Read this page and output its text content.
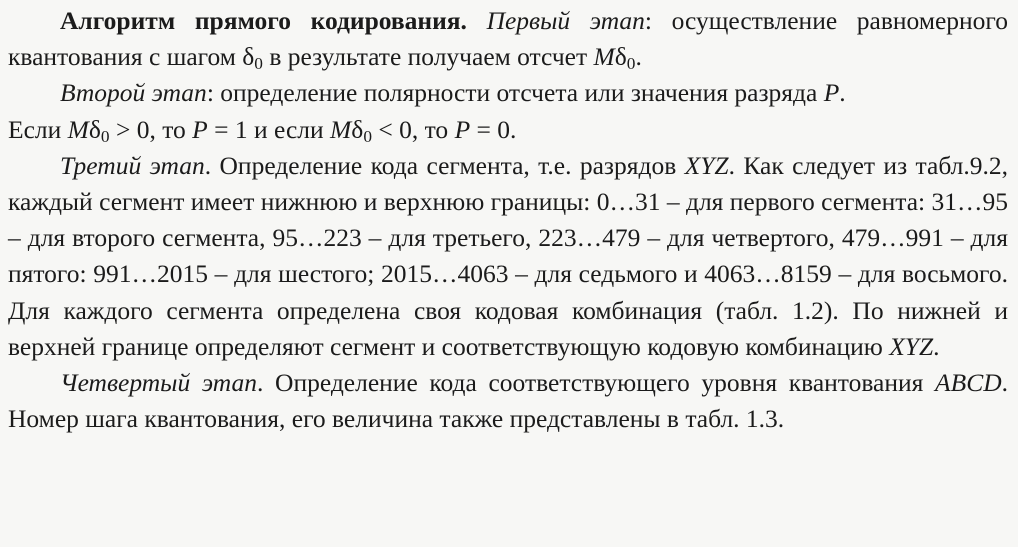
Алгоритм прямого кодирования. Первый этап: осуществление равномерного квантования с шагом $\delta_0$ в результате получаем отсчет $M\delta_0$.

Второй этап: определение полярности отсчета или значения разряда P.
Если $M\delta_0 > 0$, то P = 1 и если $M\delta_0 < 0$, то P = 0.

Третий этап. Определение кода сегмента, т.е. разрядов XYZ. Как следует из табл.9.2, каждый сегмент имеет нижнюю и верхнюю границы: 0…31 – для первого сегмента: 31…95 – для второго сегмента, 95…223 – для третьего, 223…479 – для четвертого, 479…991 – для пятого: 991…2015 – для шестого; 2015…4063 – для седьмого и 4063…8159 – для восьмого. Для каждого сегмента определена своя кодовая комбинация (табл. 1.2). По нижней и верхней границе определяют сегмент и соответствующую кодовую комбинацию XYZ.

Четвертый этап. Определение кода соответствующего уровня квантования ABCD. Номер шага квантования, его величина также представлены в табл. 1.3.
